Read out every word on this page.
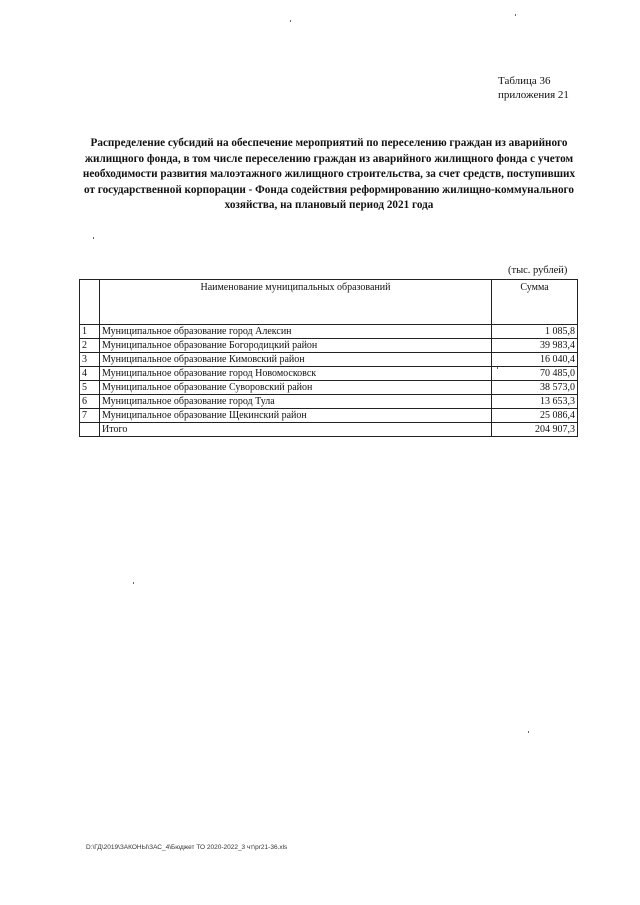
Таблица 36
приложения 21
Распределение субсидий на обеспечение мероприятий по переселению граждан из аварийного жилищного фонда, в том числе переселению граждан из аварийного жилищного фонда с учетом необходимости развития малоэтажного жилищного строительства, за счет средств, поступивших от государственной корпорации - Фонда содействия реформированию жилищно-коммунального хозяйства, на плановый период 2021 года
(тыс. рублей)
	Наименование муниципальных образований	Сумма
1	Муниципальное образование город Алексин	1 085,8
2	Муниципальное образование Богородицкий район	39 983,4
3	Муниципальное образование Кимовский район	16 040,4
4	Муниципальное образование город Новомосковск	70 485,0
5	Муниципальное образование Суворовский район	38 573,0
6	Муниципальное образование город Тула	13 653,3
7	Муниципальное образование Щекинский район	25 086,4
	Итого	204 907,3
D:\ГД\2019\ЗАКОНЫ\ЗАС_4\Бюджет ТО 2020-2022_3 чт\pr21-36.xls
